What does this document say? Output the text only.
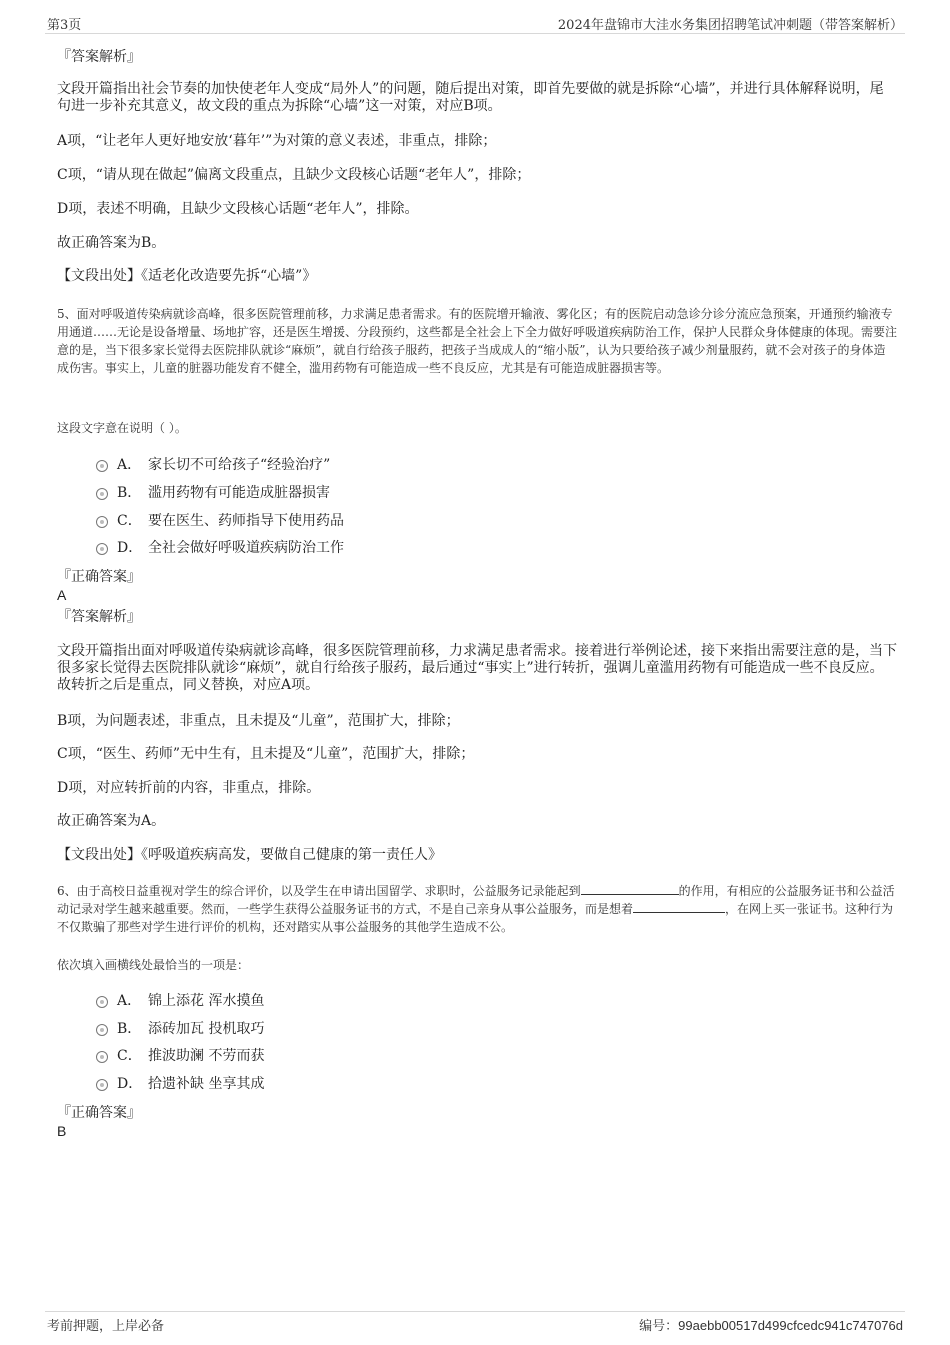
第3页	2024年盘锦市大洼水务集团招聘笔试冲刺题（带答案解析）
『答案解析』
文段开篇指出社会节奏的加快使老年人变成“局外人”的问题，随后提出对策，即首先要做的就是拆除“心墙”，并进行具体解释说明，尾句进一步补充其意义，故文段的重点为拆除“心墙”这一对策，对应B项。
A项，“让老年人更好地安放‘暮年’”为对策的意义表述，非重点，排除；
C项，“请从现在做起”偏离文段重点，且缺少文段核心话题“老年人”，排除；
D项，表述不明确，且缺少文段核心话题“老年人”，排除。
故正确答案为B。
【文段出处】《适老化改造要先拆“心墙”》
5、面对呼吸道传染病就诊高峰，很多医院管理前移，力求满足患者需求。有的医院增开输液、雾化区；有的医院启动急诊分诊分流应急预案，开通预约输液专用通道……无论是设备增量、场地扩容，还是医生增援、分段预约，这些都是全社会上下全力做好呼吸道疾病防治工作，保护人民群众身体健康的体现。需要注意的是，当下很多家长觉得去医院排队就诊“麻烦”，就自行给孩子服药，把孩子当成成人的“缩小版”，认为只要给孩子减少剂量服药，就不会对孩子的身体造成伤害。事实上，儿童的脏器功能发育不健全，滥用药物有可能造成一些不良反应，尤其是有可能造成脏器损害等。
这段文字意在说明（ ）。
A． 家长切不可给孩子“经验治疗”
B． 滥用药物有可能造成脏器损害
C． 要在医生、药师指导下使用药品
D． 全社会做好呼吸道疾病防治工作
『正确答案』
A
『答案解析』
文段开篇指出面对呼吸道传染病就诊高峰，很多医院管理前移，力求满足患者需求。接着进行举例论述，接下来指出需要注意的是，当下很多家长觉得去医院排队就诊“麻烦”，就自行给孩子服药，最后通过“事实上”进行转折，强调儿童滥用药物有可能造成一些不良反应。故转折之后是重点，同义替换，对应A项。
B项，为问题表述，非重点，且未提及“儿童”，范围扩大，排除；
C项，“医生、药师”无中生有，且未提及“儿童”，范围扩大，排除；
D项，对应转折前的内容，非重点，排除。
故正确答案为A。
【文段出处】《呼吸道疾病高发，要做自己健康的第一责任人》
6、由于高校日益重视对学生的综合评价，以及学生在申请出国留学、求职时，公益服务记录能起到	的作用，有相应的公益服务证书和公益活动记录对学生越来越重要。然而，一些学生获得公益服务证书的方式，不是自己亲身从事公益服务，而是想着	，在网上买一张证书。这种行为不仅欺骗了那些对学生进行评价的机构，还对踏实从事公益服务的其他学生造成不公。
依次填入画横线处最恰当的一项是：
A． 锦上添花 浑水摸鱼
B． 添砖加瓦 投机取巧
C． 推波助澜 不劳而获
D． 拾遗补缺 坐享其成
『正确答案』
B
考前押题，上岸必备	编号：99aebb00517d499cfcedc941c747076d
